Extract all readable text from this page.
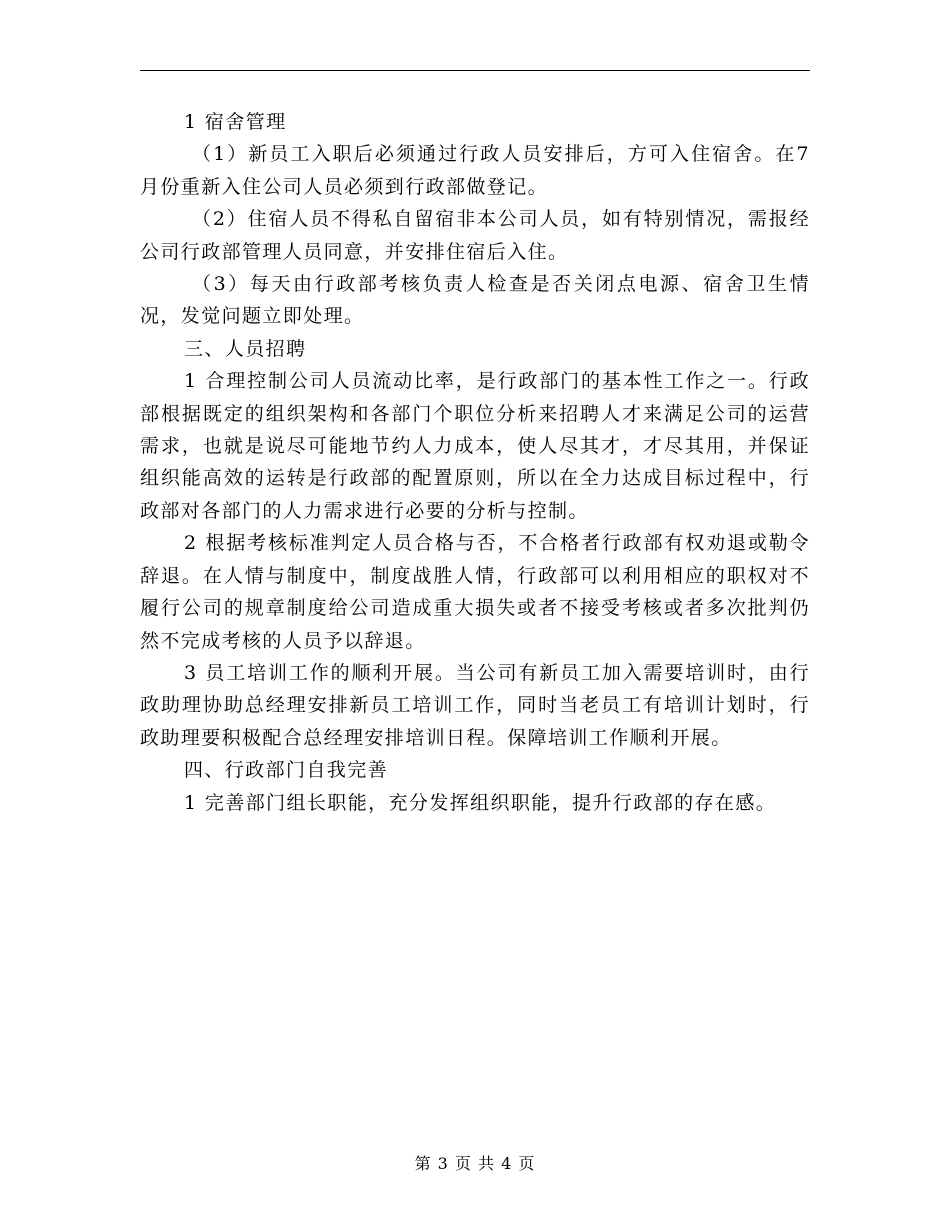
1 宿舍管理

（1）新员工入职后必须通过行政人员安排后，方可入住宿舍。在7月份重新入住公司人员必须到行政部做登记。

（2）住宿人员不得私自留宿非本公司人员，如有特别情况，需报经公司行政部管理人员同意，并安排住宿后入住。

（3）每天由行政部考核负责人检查是否关闭点电源、宿舍卫生情况，发觉问题立即处理。

三、人员招聘

1 合理控制公司人员流动比率，是行政部门的基本性工作之一。行政部根据既定的组织架构和各部门个职位分析来招聘人才来满足公司的运营需求，也就是说尽可能地节约人力成本，使人尽其才，才尽其用，并保证组织能高效的运转是行政部的配置原则，所以在全力达成目标过程中，行政部对各部门的人力需求进行必要的分析与控制。

2 根据考核标准判定人员合格与否，不合格者行政部有权劝退或勒令辞退。在人情与制度中，制度战胜人情，行政部可以利用相应的职权对不履行公司的规章制度给公司造成重大损失或者不接受考核或者多次批判仍然不完成考核的人员予以辞退。

3 员工培训工作的顺利开展。当公司有新员工加入需要培训时，由行政助理协助总经理安排新员工培训工作，同时当老员工有培训计划时，行政助理要积极配合总经理安排培训日程。保障培训工作顺利开展。

四、行政部门自我完善

1 完善部门组长职能，充分发挥组织职能，提升行政部的存在感。

第 3 页 共 4 页
